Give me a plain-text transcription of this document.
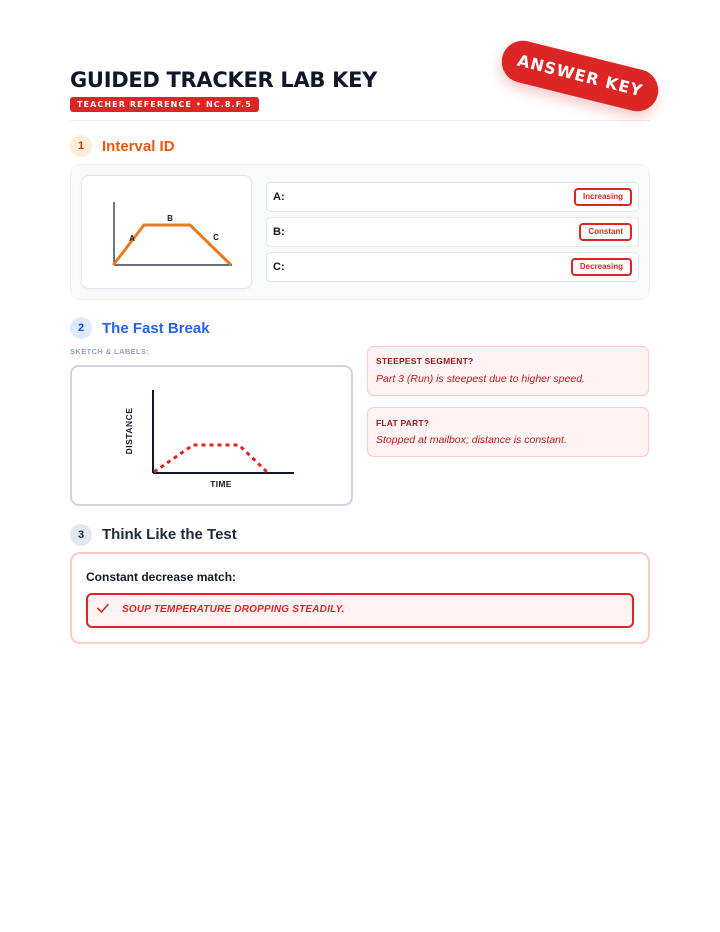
GUIDED TRACKER LAB KEY
TEACHER REFERENCE • NC.8.F.5
ANSWER KEY
1	Interval ID
A
B
C
A:	Increasing
B:	Constant
C:	Decreasing
2	The Fast Break
SKETCH & LABELS:
DISTANCE
TIME
STEEPEST SEGMENT?
Part 3 (Run) is steepest due to higher speed.
FLAT PART?
Stopped at mailbox; distance is constant.
3	Think Like the Test
Constant decrease match:
SOUP TEMPERATURE DROPPING STEADILY.
